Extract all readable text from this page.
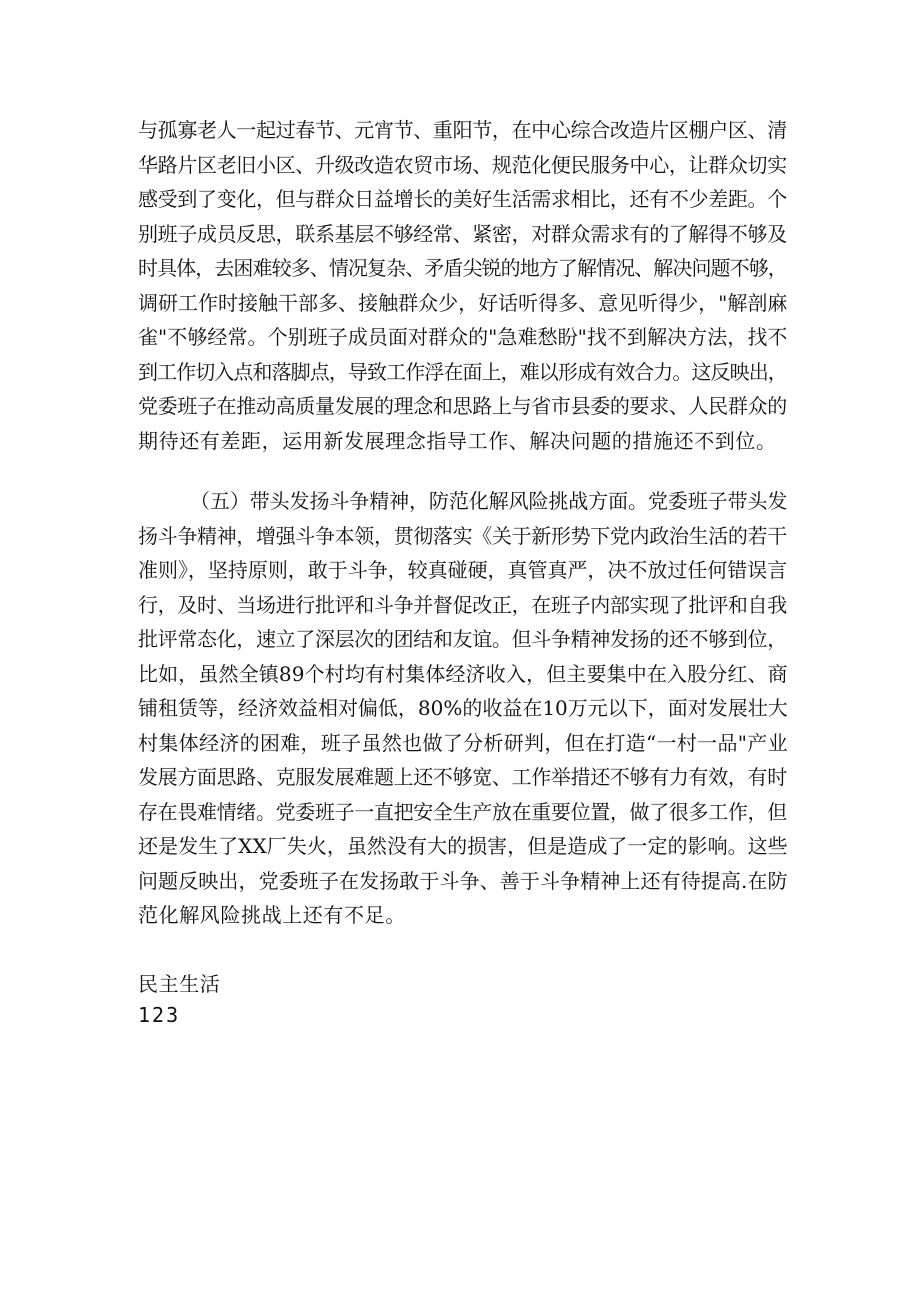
与孤寡老人一起过春节、元宵节、重阳节，在中心综合改造片区棚户区、清
华路片区老旧小区、升级改造农贸市场、规范化便民服务中心，让群众切实
感受到了变化，但与群众日益增长的美好生活需求相比，还有不少差距。个
别班子成员反思，联系基层不够经常、紧密，对群众需求有的了解得不够及
时具体，去困难较多、情况复杂、矛盾尖锐的地方了解情况、解决问题不够，
调研工作时接触干部多、接触群众少，好话听得多、意见听得少，"解剖麻
雀"不够经常。个别班子成员面对群众的"急难愁盼"找不到解决方法，找不
到工作切入点和落脚点，导致工作浮在面上，难以形成有效合力。这反映出，
党委班子在推动高质量发展的理念和思路上与省市县委的要求、人民群众的
期待还有差距，运用新发展理念指导工作、解决问题的措施还不到位。

（五）带头发扬斗争精神，防范化解风险挑战方面。党委班子带头发
扬斗争精神，增强斗争本领，贯彻落实《关于新形势下党内政治生活的若干
准则》，坚持原则，敢于斗争，较真碰硬，真管真严，决不放过任何错误言
行，及时、当场进行批评和斗争并督促改正，在班子内部实现了批评和自我
批评常态化，速立了深层次的团结和友谊。但斗争精神发扬的还不够到位，
比如，虽然全镇89个村均有村集体经济收入，但主要集中在入股分红、商
铺租赁等，经济效益相对偏低，80%的收益在10万元以下，面对发展壮大
村集体经济的困难，班子虽然也做了分析研判，但在打造“一村一品"产业
发展方面思路、克服发展难题上还不够宽、工作举措还不够有力有效，有时
存在畏难情绪。党委班子一直把安全生产放在重要位置，做了很多工作，但
还是发生了XX厂失火，虽然没有大的损害，但是造成了一定的影响。这些
问题反映出，党委班子在发扬敢于斗争、善于斗争精神上还有待提高.在防
范化解风险挑战上还有不足。

民主生活
123
